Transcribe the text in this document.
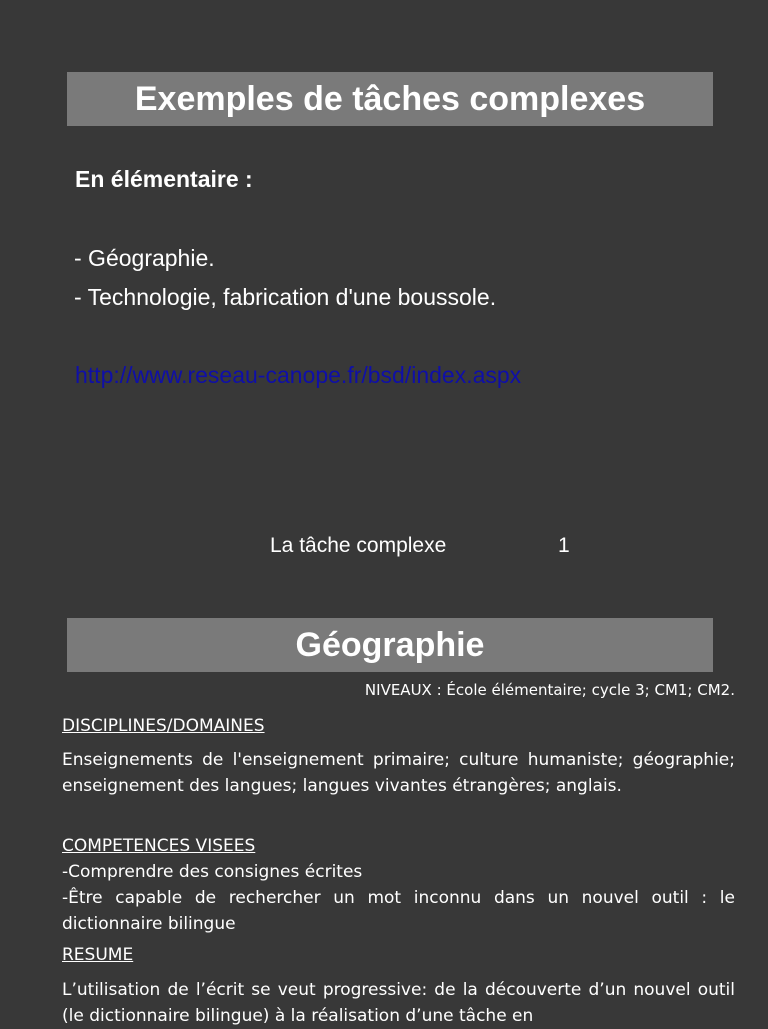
Exemples de tâches complexes
En élémentaire :
- Géographie.
- Technologie, fabrication d'une boussole.
http://www.reseau-canope.fr/bsd/index.aspx
La tâche complexe	1
Géographie
NIVEAUX : École élémentaire; cycle 3; CM1; CM2.
DISCIPLINES/DOMAINES
Enseignements de l'enseignement primaire; culture humaniste; géographie; enseignement des langues; langues vivantes étrangères; anglais.
COMPETENCES VISEES
-Comprendre des consignes écrites
-Être capable de rechercher un mot inconnu dans un nouvel outil : le dictionnaire bilingue
RESUME
L’utilisation de l’écrit se veut progressive: de la découverte d’un nouvel outil (le dictionnaire bilingue) à la réalisation d’une tâche en
